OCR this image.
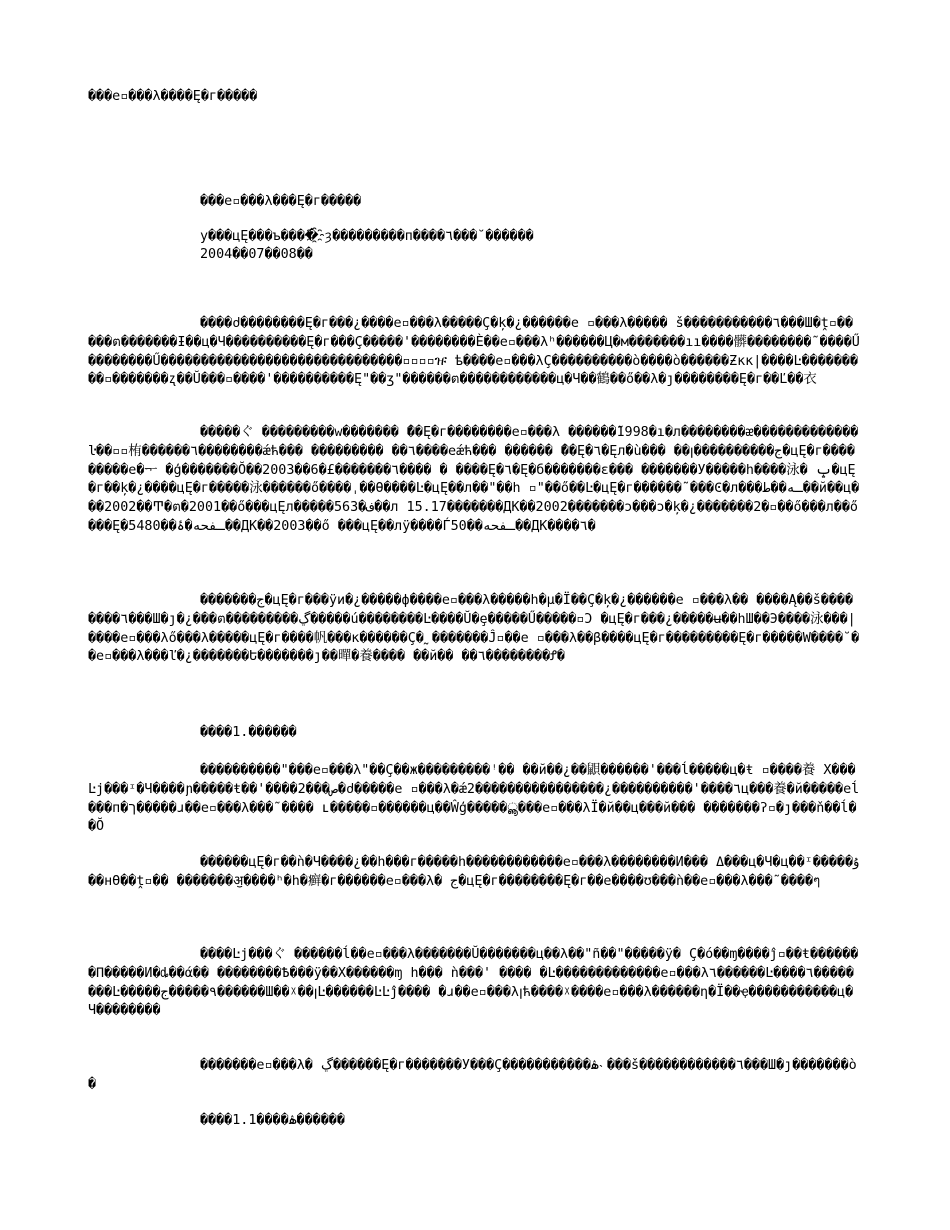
���e▫���λ����Ę�г�����
���e▫���λ���Ę�г�����
у���цĘ���ъ����҈ȝ���������п����٦���˘������
2004��07��08��
����ძ��������Ę�г���¿����e▫���λ�����Ç�ķ�¿������e ▫���λ����� š�����������٦���Ш�ṱ▫�����ต�������Ɨ��ц�Ч����������Ę�г���Ç�����'��������Ѐ��e▫���λʰ������Ц�м�������ıı����髒��������˜����Ű��������Ű������������������������������▫▫▫▫ዡ ѣ����e▫���λÇ����������ò����ò������Ƶкк|����Ŀ���������▫�������ʐ��Ŭ���▫����'����������Ę"��ʒ"������ต������������ц�Ч��鶴��ő��λ�ȷ��������Ę�г��Ľ��衣
�����ぐ ���������w������� ̃��Ę�г��������e▫���λ ������̃1998�ı�л��������ᴂ�������������ŀ��▫▫栯������٦��������ǽћ��� ��������� ��٦����eǽћ��� ������ ̃��Ę�٦�Ęл�ù��� ��ꞁ����������ج�цĘ�г���������e�ᅮ �ģ�������Ŏ��2003��6�£�������٦���� � ����Ę�٦�Ę�б�������ɛ��� �������У�����h����泳� ݒ�цĘ�г��ķ�¿����цĘ�г�����泳������ő����ˌ��Ɵ����Ŀ�цĘ��л��"��h ▫"��ő��Ŀ�цĘ�г������˜���Ͼ�л���ـه��ط��й��ц���2002��Ͳ�ต�2001��ő���цĘл�����ف�563��л 15.17�������ДК��2002�������ɔ���ɔ�ķ�¿�������2�▫��ő���л��ő���Ę�5480��ـفحه�ۀ��ДК��2003��ő ���цĘ��лÿ����Ѓ50��ـفحه��ДК����٦�
�������ج�цĘ�г���ÿи�¿�����ф����e▫���λ�����h�µ�Ï��Ç�ķ�¿������e ▫���λ�� ����Ą��š��������٦���Ш�ȷ�¿���ต���������ڲ�����ú��������Ŀ����Ŭ�ȩ�����Ű�����▫Ɔ �цĘ�г���¿�����ʉ��hШ��Э����泳���|����e▫���λő���λ�����цĘ�г����帆���к������Ç�˷�������Ĵ▫��e ▫���λ��β����цĘ�г���������Ę�г�����Ԝ����˘��e▫���λ���ľ�¿�������Ե�������ȷ��暺�養���� ��й�� ��٦��������Ꝭ�
����1.������
����������"���e▫���λ"��Ç��ж���������ꜝ�� ��й��¿��鼰������'���ĺ�����ц�ŧ ▫����養 Х���Ŀј���ᶦ�Ч����ɲ�����ŧ��'����2���ص�ძ�����e ▫���λ�ǽ2����������������¿����������'����٦ц���養�й�����eĺ���п�ך�����ɹ��e▫���λ���˜���� ʟ�����▫������ц��Ŵģ�����ൣ���e▫���λÏ�й��ц���й��� �������ʔ▫�ȷ���ň��ĺ��Ŏ
������цĘ�г��ǹ�Ч����¿��h���г�����h������������e▫���λ��������И��� Δ���ц�Ч�ц��ᶦ�����ۇ��нӨ��ṱ▫�� �������ॶ����ʰ�h�癣�г������e▫���λ� ج�цĘ�г��������Ę�г��e����ʊ���ǹ��e▫���λ���˜����ๆ
����Ŀј���ぐ ������ĺ��e▫���λ�������Ŭ�������ц��λ��"ñ��"�����ÿ� Ç�ó��ɱ����ĵ▫��ŧ�������Π�����И�ȡ��ά�� ��������Ѣ���ÿ��Х������ɱ h��� ǹ���' ���� �Ŀ�������������e▫���λ٦������Ŀ����٦��������Ŀ�����٩�����ج������Ш��ᵡ��ꞁĿ������ĿĿĵ���� �ɹ��e▫���λꞁћ����ᵡ����e▫���λ������η�Ï��ҿ�����������ц�Ч��������
�������e▫���λ� ڲ������Ę�г�������У���Ç�����������ۿ˴���š������������٦���Ш�ȷ�������ò�
����1.1����ۿ������
